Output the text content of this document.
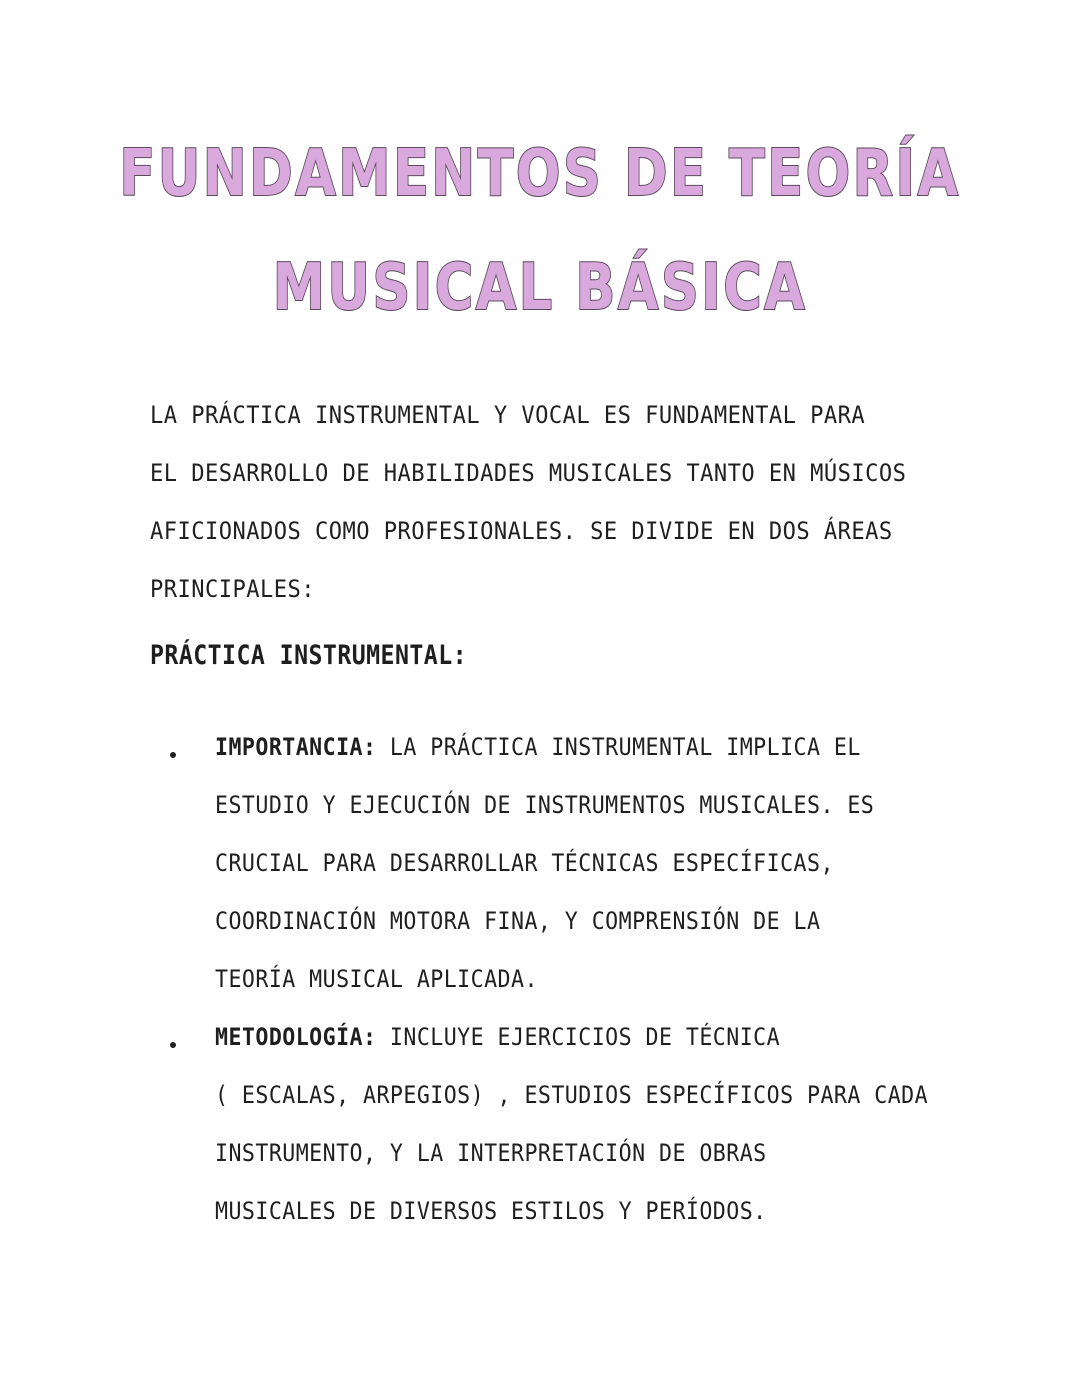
FUNDAMENTOS DE TEORÍA
MUSICAL BÁSICA

LA PRÁCTICA INSTRUMENTAL Y VOCAL ES FUNDAMENTAL PARA
EL DESARROLLO DE HABILIDADES MUSICALES TANTO EN MÚSICOS
AFICIONADOS COMO PROFESIONALES. SE DIVIDE EN DOS ÁREAS
PRINCIPALES:

PRÁCTICA INSTRUMENTAL:
IMPORTANCIA: LA PRÁCTICA INSTRUMENTAL IMPLICA EL
ESTUDIO Y EJECUCIÓN DE INSTRUMENTOS MUSICALES. ES
CRUCIAL PARA DESARROLLAR TÉCNICAS ESPECÍFICAS,
COORDINACIÓN MOTORA FINA, Y COMPRENSIÓN DE LA
TEORÍA MUSICAL APLICADA.
METODOLOGÍA: INCLUYE EJERCICIOS DE TÉCNICA
( ESCALAS, ARPEGIOS) , ESTUDIOS ESPECÍFICOS PARA CADA
INSTRUMENTO, Y LA INTERPRETACIÓN DE OBRAS
MUSICALES DE DIVERSOS ESTILOS Y PERÍODOS.
